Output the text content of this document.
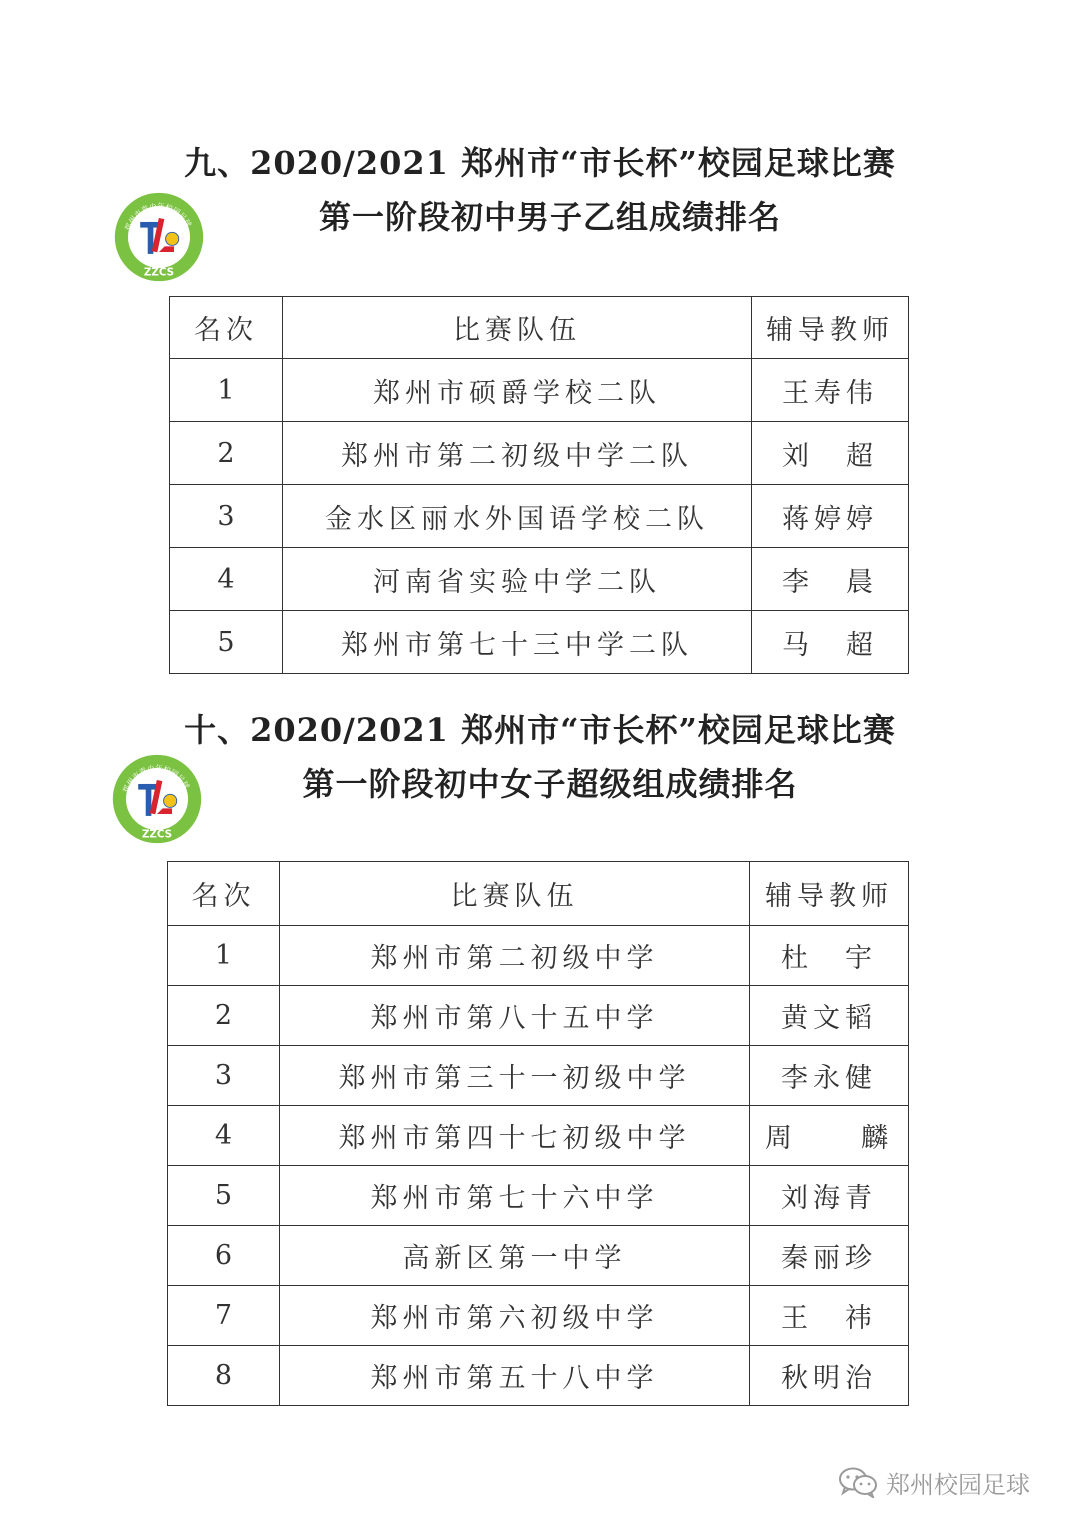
九、2020/2021 郑州市“市长杯”校园足球比赛
第一阶段初中男子乙组成绩排名
郑州市青少年校园足球
ZZCS
名次	比赛队伍	辅导教师
1	郑州市硕爵学校二队	王寿伟
2	郑州市第二初级中学二队	刘　超
3	金水区丽水外国语学校二队	蒋婷婷
4	河南省实验中学二队	李　晨
5	郑州市第七十三中学二队	马　超
十、2020/2021 郑州市“市长杯”校园足球比赛
第一阶段初中女子超级组成绩排名
郑州市青少年校园足球
ZZCS
名次	比赛队伍	辅导教师
1	郑州市第二初级中学	杜　宇
2	郑州市第八十五中学	黄文韬
3	郑州市第三十一初级中学	李永健
4	郑州市第四十七初级中学	周　　麟
5	郑州市第七十六中学	刘海青
6	高新区第一中学	秦丽珍
7	郑州市第六初级中学	王　祎
8	郑州市第五十八中学	秋明治
郑州校园足球
